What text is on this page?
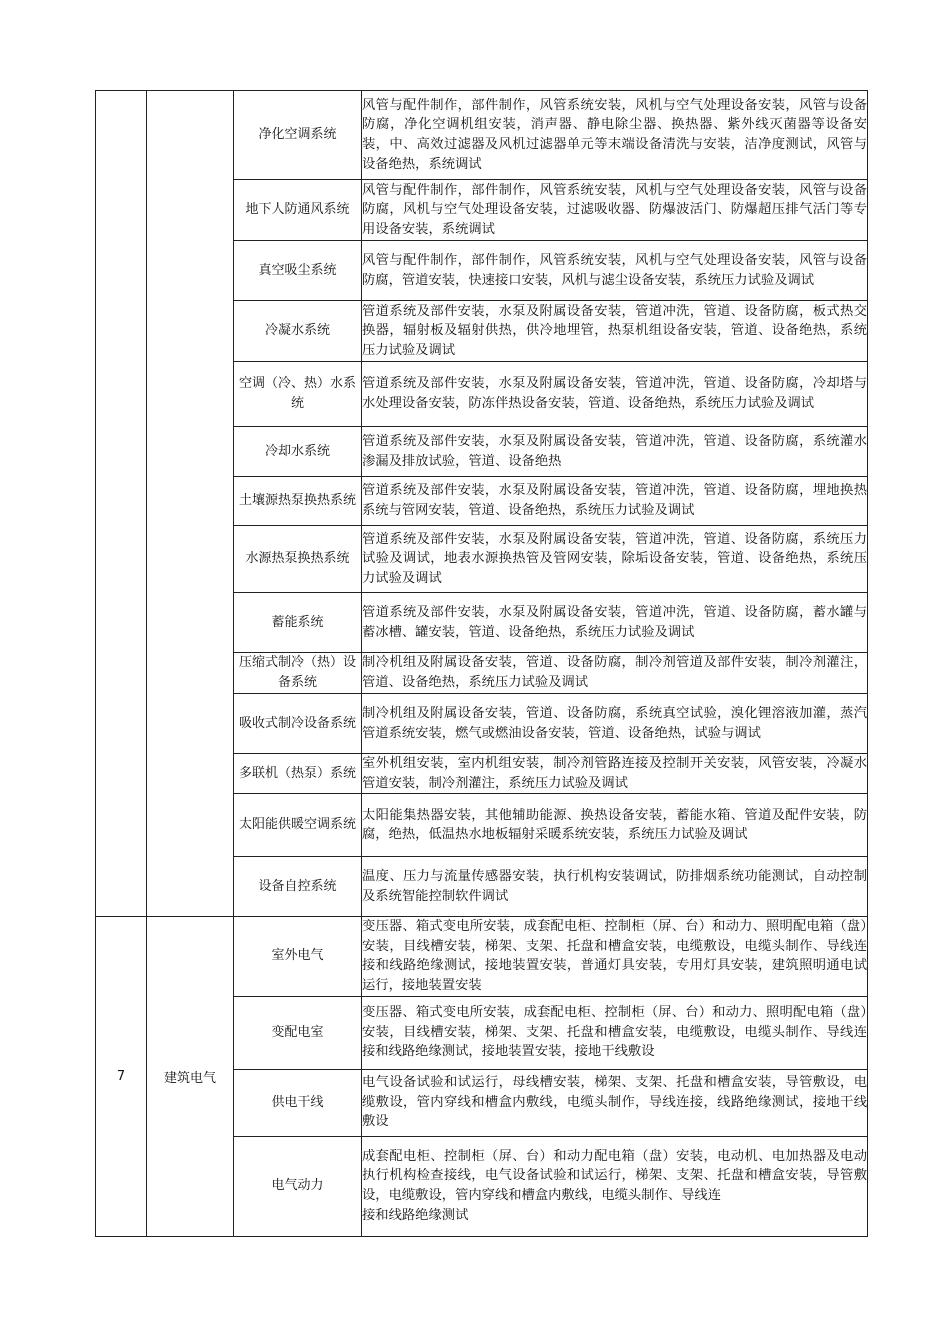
		净化空调系统	风管与配件制作，部件制作，风管系统安装，风机与空气处理设备安装，风管与设备防腐，净化空调机组安装，消声器、静电除尘器、换热器、紫外线灭菌器等设备安装，中、高效过滤器及风机过滤器单元等末端设备清洗与安装，洁净度测试，风管与设备绝热，系统调试
		地下人防通风系统	风管与配件制作，部件制作，风管系统安装，风机与空气处理设备安装，风管与设备防腐，风机与空气处理设备安装，过滤吸收器、防爆波活门、防爆超压排气活门等专用设备安装，系统调试
		真空吸尘系统	风管与配件制作，部件制作，风管系统安装，风机与空气处理设备安装，风管与设备防腐，管道安装，快速接口安装，风机与滤尘设备安装，系统压力试验及调试
		冷凝水系统	管道系统及部件安装，水泵及附属设备安装，管道冲洗，管道、设备防腐，板式热交换器，辐射板及辐射供热，供冷地埋管，热泵机组设备安装，管道、设备绝热，系统压力试验及调试
		空调（冷、热）水系统	管道系统及部件安装，水泵及附属设备安装，管道冲洗，管道、设备防腐，冷却塔与水处理设备安装，防冻伴热设备安装，管道、设备绝热，系统压力试验及调试
		冷却水系统	管道系统及部件安装，水泵及附属设备安装，管道冲洗，管道、设备防腐，系统灌水渗漏及排放试验，管道、设备绝热
		土壤源热泵换热系统	管道系统及部件安装，水泵及附属设备安装，管道冲洗，管道、设备防腐，埋地换热系统与管网安装，管道、设备绝热，系统压力试验及调试
		水源热泵换热系统	管道系统及部件安装，水泵及附属设备安装，管道冲洗，管道、设备防腐，系统压力试验及调试，地表水源换热管及管网安装，除垢设备安装，管道、设备绝热，系统压力试验及调试
		蓄能系统	管道系统及部件安装，水泵及附属设备安装，管道冲洗，管道、设备防腐，蓄水罐与蓄冰槽、罐安装，管道、设备绝热，系统压力试验及调试
		压缩式制冷（热）设备系统	制冷机组及附属设备安装，管道、设备防腐，制冷剂管道及部件安装，制冷剂灌注，管道、设备绝热，系统压力试验及调试
		吸收式制冷设备系统	制冷机组及附属设备安装，管道、设备防腐，系统真空试验，溴化锂溶液加灌，蒸汽管道系统安装，燃气或燃油设备安装，管道、设备绝热，试验与调试
		多联机（热泵）系统	室外机组安装，室内机组安装，制冷剂管路连接及控制开关安装，风管安装，冷凝水管道安装，制冷剂灌注，系统压力试验及调试
		太阳能供暖空调系统	太阳能集热器安装，其他辅助能源、换热设备安装，蓄能水箱、管道及配件安装，防腐，绝热，低温热水地板辐射采暖系统安装，系统压力试验及调试
		设备自控系统	温度、压力与流量传感器安装，执行机构安装调试，防排烟系统功能测试，自动控制及系统智能控制软件调试
7	建筑电气	室外电气	变压器、箱式变电所安装，成套配电柜、控制柜（屏、台）和动力、照明配电箱（盘）安装，目线槽安装，梯架、支架、托盘和槽盒安装，电缆敷设，电缆头制作、导线连接和线路绝缘测试，接地装置安装，普通灯具安装，专用灯具安装，建筑照明通电试运行，接地装置安装
		变配电室	变压器、箱式变电所安装，成套配电柜、控制柜（屏、台）和动力、照明配电箱（盘）安装，目线槽安装，梯架、支架、托盘和槽盒安装，电缆敷设，电缆头制作、导线连接和线路绝缘测试，接地装置安装，接地干线敷设
		供电干线	电气设备试验和试运行，母线槽安装，梯架、支架、托盘和槽盒安装，导管敷设，电缆敷设，管内穿线和槽盒内敷线，电缆头制作，导线连接，线路绝缘测试，接地干线敷设
		电气动力	成套配电柜、控制柜（屏、台）和动力配电箱（盘）安装，电动机、电加热器及电动执行机构检查接线，电气设备试验和试运行，梯架、支架、托盘和槽盒安装，导管敷设，电缆敷设，管内穿线和槽盒内敷线，电缆头制作、导线连
接和线路绝缘测试
